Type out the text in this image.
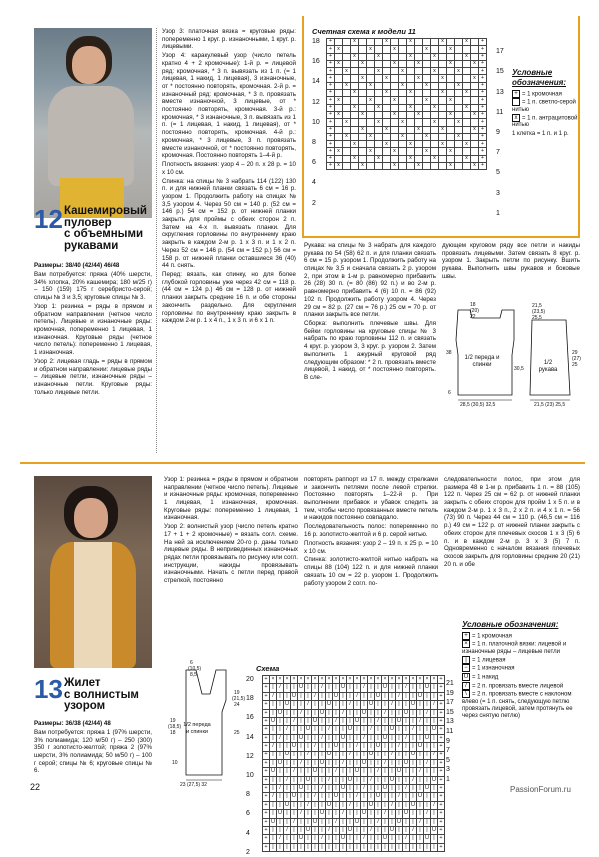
12 Кашемировый
пуловер
с объемными
рукавами

Размеры: 38/40 (42/44) 46/48

Вам потребуется: пряжа (40% шерсти, 34% хлопка, 20% кашемира; 180 м/25 г) – 150 (159) 175 г серебристо-серой; спицы № 3 и 3,5; круговые спицы № 3.

Узор 1: резинка = ряды в прямом и обратном направлении (четное число петель). Лицевые и изнаночные ряды: кромочная, попеременно 1 лицевая, 1 изнаночная. Круговые ряды (четное число петель): попеременно 1 лицевая, 1 изнаночная.

Узор 2: лицевая гладь = ряды в прямом и обратном направлении: лицевые ряды – лицевые петли, изнаночные ряды – изнаночные петли. Круговые ряды: только лицевые петли.

Узор 3: платочная вязка = круговые ряды: попеременно 1 круг. р. изнаночными, 1 круг. р. лицевыми.

Узор 4: каракулевый узор (число петель кратно 4 + 2 кромочные): 1-й р. = лицевой ряд: кромочная, * 3 п. вывязать из 1 п. (= 1 лицевая, 1 накид, 1 лицевая), 3 изнаночные, от * постоянно повторять, кромочная. 2-й р. = изнаночный ряд: кромочная, * 3 п. провязать вместе изнаночной, 3 лицевые, от * постоянно повторять, кромочная. 3-й р.: кромочная, * 3 изнаночные, 3 п. вывязать из 1 п. (= 1 лицевая, 1 накид, 1 лицевая), от * постоянно повторять, кромочная. 4-й р.: кромочная, * 3 лицевые, 3 п. провязать вместе изнаночной, от * постоянно повторять, кромочная. Постоянно повторять 1–4-й р.

Плотность вязания: узор 4 – 20 п. x 28 р. = 10 x 10 см.

Спинка: на спицы № 3 набрать 114 (122) 130 п. и для нижней планки связать 6 см = 16 р. узором 1. Продолжить работу на спицах № 3,5 узором 4. Через 50 см = 140 р. (52 см = 146 р.) 54 см = 152 р. от нижней планки закрыть для проймы с обеих сторон 2 п. Затем на 4-х п. вывязать планки. Для скругления горловины по внутреннему краю закрыть в каждом 2-м р. 1 x 3 п. и 1 x 2 п. Через 52 см = 146 р. (54 см = 152 р.) 56 см = 158 р. от нижней планки оставшиеся 36 (40) 44 п. снять.

Перед: вязать, как спинку, но для более глубокой горловины уже через 42 см = 118 р. (44 см = 124 р.) 46 см = 128 р. от нижней планки закрыть средние 16 п. и обе стороны закончить раздельно. Для скругления горловины по внутреннему краю закрыть в каждом 2-м р. 1 x 4 п., 1 x 3 п. и 6 x 1 п.

Счетная схема к модели 11
+			x				x			x				x			x		+
+	x				x			x				x			x				+
+			x			x				x			x				x		+
+	x			x				x			x				x			x	+
+		x				x			x				x			x			+
+				x			x				x			x				x	+
+		x			x				x			x				x			+
+			x				x			x				x			x		+
+	x				x			x				x			x				+
+			x			x				x			x				x		+
+	x			x				x			x				x			x	+
+		x				x			x				x			x			+
+				x			x				x			x				x	+
+		x			x				x			x				x			+
+			x				x			x				x			x		+
+	x				x			x				x			x				+
+			x			x				x			x				x		+
+	x			x				x			x				x			x	+
18
16
14
12
10
8
6
4
2
17
15
13
11
9
7
5
3
1
Условные обозначения:
+ = 1 кромочная
= 1 п. светло-серой нитью
x = 1 п. антрацитовой нитью
1 клетка = 1 п. и 1 р.

Рукава: на спицы № 3 набрать для каждого рукава по 54 (58) 62 п. и для планки связать 6 см = 15 р. узором 1. Продолжить работу на спицах № 3,5 и сначала связать 2 р. узором 2, при этом в 1-м р. равномерно прибавить 26 (28) 30 п. (= 80 (86) 92 п.) и во 2-м р. равномерно прибавить 4 (6) 10 п. = 86 (92) 102 п. Продолжить работу узором 4. Через 29 см = 82 р. (27 см = 76 р.) 25 см = 70 р. от планки закрыть все петли.

Сборка: выполнить плечевые швы. Для бейки горловины на круговые спицы № 3 набрать по краю горловины 112 п. и связать 4 круг. р. узором 3, 3 круг. р. узором 2. Затем выполнить 1 ажурный круговой ряд следующим образом: * 2 п. провязать вместе лицевой, 1 накид, от * постоянно повторять. В сле-

дующем круговом ряду все петли и накиды провязать лицевыми. Затем связать 8 круг. р. узором 1. Закрыть петли по рисунку. Вшить рукава. Выполнить швы рукавов и боковые швы.

1/2 переда и спинки	1/2 рукава
18
(20)
22
21,5
(23,5)
25,5
30,5
38
6
29
(27)
25
28,5 (30,5) 32,5	21,5 (23) 25,5
13 Жилет
с волнистым
узором

Размеры: 36/38 (42/44) 48

Вам потребуется: пряжа 1 (97% шерсти, 3% полиамида; 120 м/50 г) – 250 (300) 350 г золотисто-желтой; пряжа 2 (97% шерсти, 3% полиамида; 50 м/50 г) – 100 г серой; спицы № 6; круговые спицы № 6.

Узор 1: резинка = ряды в прямом и обратном направлении (четное число петель). Лицевые и изнаночные ряды: кромочная, попеременно 1 лицевая, 1 изнаночная, кромочная. Круговые ряды: попеременно 1 лицевая, 1 изнаночная.

Узор 2: волнистый узор (число петель кратно 17 + 1 + 2 кромочные) = вязать согл. схеме. На ней за исключением 20-го р. даны только лицевые ряды. В непривединных изнаночных рядах петли провязывать по рисунку или согл. инструкции, накиды провязывать изнаночными. Начать с петли перед правой стрелкой, постоянно

повторять раппорт из 17 п. между стрелками и закончить петлями после левой стрелки. Постоянно повторять 1–22-й р. При выполнении прибавок и убавок следить за тем, чтобы число провязанных вместе петель и накидов постоянно совпадало.

Последовательность полос: попеременно по 16 р. золотисто-желтой и 6 р. серой нитью.

Плотность вязания: узор 2 – 19 п. x 25 р. = 10 x 10 см.

Спинка: золотисто-желтой нитью набрать на спицы 88 (104) 122 п. и для нижней планки связать 10 см = 22 р. узором 1. Продолжить работу узором 2 согл. по-

следовательности полос, при этом для размера 48 в 1-м р. прибавить 1 п. = 88 (105) 122 п. Через 25 см = 62 р. от нижней планки закрыть с обеих сторон для пройм 1 x 5 п. и в каждом 2-м р. 1 x 3 п., 2 x 2 п. и 4 x 1 п. = 56 (73) 90 п. Через 44 см = 110 р. (46,5 см = 116 р.) 49 см = 122 р. от нижней планки закрыть с обеих сторон для плечевых скосов 1 x 3 (5) 6 п. и в каждом 2-м р. 3 x 3 (5) 7 п. Одновременно с началом вязания плечевых скосов закрыть для горловины средние 20 (21) 20 п. и обе

1/2 переда и спинки
6
(10,5)
8,5
19
(21,5)
24
19
(18,5)
18	25
10
23 (27,5) 32
Схема
+	×	×	×	×	×	×	×	×	×	×	×	×	×	×	×	×	×	×	×	×	×	×	×	×	+
+	|	/	|	|	U	|	|	/	|	|	U	|	|	/	|	|	U	|	|	/	|	|	U	|	+
+	/	|	|	U	|	|	/	|	|	U	|	|	/	|	|	U	|	|	/	|	|	U	|	|	+
+	|	|	U	|	|	/	|	|	U	|	|	/	|	|	U	|	|	/	|	|	U	|	|	/	+
+	|	U	|	|	/	|	|	U	|	|	/	|	|	U	|	|	/	|	|	U	|	|	/	|	+
+	U	|	|	/	|	|	U	|	|	/	|	|	U	|	|	/	|	|	U	|	|	/	|	|	+
+	|	|	/	|	|	U	|	|	/	|	|	U	|	|	/	|	|	U	|	|	/	|	|	U	+
+	|	/	|	|	U	|	|	/	|	|	U	|	|	/	|	|	U	|	|	/	|	|	U	|	+
+	/	|	|	U	|	|	/	|	|	U	|	|	/	|	|	U	|	|	/	|	|	U	|	|	+
+	|	|	U	|	|	/	|	|	U	|	|	/	|	|	U	|	|	/	|	|	U	|	|	/	+
+	|	U	|	|	/	|	|	U	|	|	/	|	|	U	|	|	/	|	|	U	|	|	/	|	+
+	U	|	|	/	|	|	U	|	|	/	|	|	U	|	|	/	|	|	U	|	|	/	|	|	+
+	|	|	/	|	|	U	|	|	/	|	|	U	|	|	/	|	|	U	|	|	/	|	|	U	+
+	|	/	|	|	U	|	|	/	|	|	U	|	|	/	|	|	U	|	|	/	|	|	U	|	+
+	/	|	|	U	|	|	/	|	|	U	|	|	/	|	|	U	|	|	/	|	|	U	|	|	+
+	|	|	U	|	|	/	|	|	U	|	|	/	|	|	U	|	|	/	|	|	U	|	|	/	+
+	|	U	|	|	/	|	|	U	|	|	/	|	|	U	|	|	/	|	|	U	|	|	/	|	+
+	U	|	|	/	|	|	U	|	|	/	|	|	U	|	|	/	|	|	U	|	|	/	|	|	+
+	|	|	/	|	|	U	|	|	/	|	|	U	|	|	/	|	|	U	|	|	/	|	|	U	+
+	|	/	|	|	U	|	|	/	|	|	U	|	|	/	|	|	U	|	|	/	|	|	U	|	+
+	|	|	|	|	|	|	|	|	|	|	|	|	|	|	|	|	|	|	|	|	|	|	|	|	+
20
18
16
14
12
10
8
6
4
2
21
19
17
15
13
11
9
7
5
3
1
Условные обозначения:
+ = 1 кромочная
× = 1 п. платочной вязки: лицевой и изнаночные ряды – лицевые петли
| = 1 лицевая
− = 1 изнаночная
U = 1 накид
/ = 2 п. провязать вместе лицевой
\ = 2 п. провязать вместе с наклоном влево (= 1 п. снять, следующую петлю провязать лицевой, затем протянуть ее через снятую петлю)
22	PassionForum.ru
